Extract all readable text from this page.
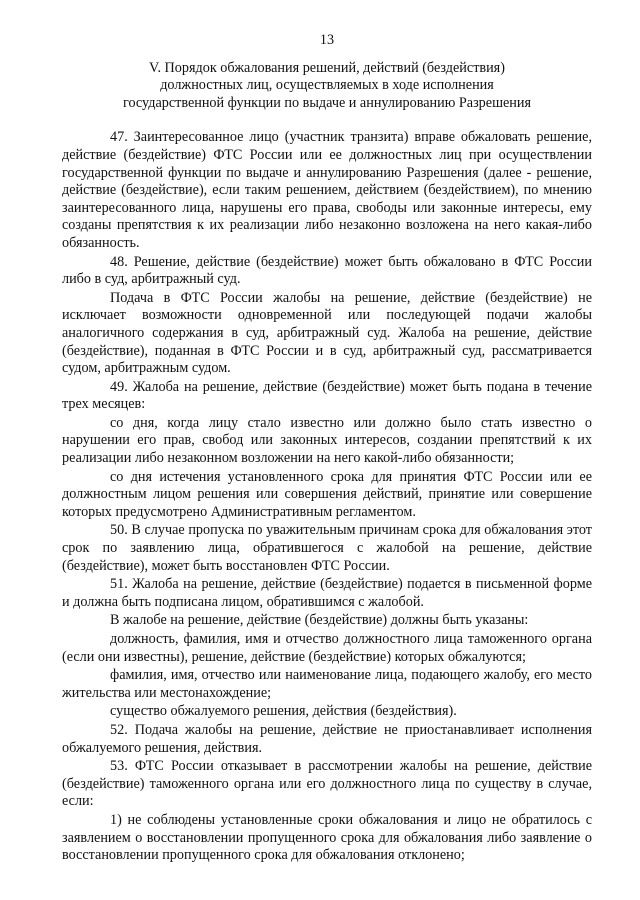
13
V. Порядок обжалования решений, действий (бездействия)
должностных лиц, осуществляемых в ходе исполнения
государственной функции по выдаче и аннулированию Разрешения

47. Заинтересованное лицо (участник транзита) вправе обжаловать решение, действие (бездействие) ФТС России или ее должностных лиц при осуществлении государственной функции по выдаче и аннулированию Разрешения (далее - решение, действие (бездействие), если таким решением, действием (бездействием), по мнению заинтересованного лица, нарушены его права, свободы или законные интересы, ему созданы препятствия к их реализации либо незаконно возложена на него какая-либо обязанность.

48. Решение, действие (бездействие) может быть обжаловано в ФТС России либо в суд, арбитражный суд.

Подача в ФТС России жалобы на решение, действие (бездействие) не исключает возможности одновременной или последующей подачи жалобы аналогичного содержания в суд, арбитражный суд. Жалоба на решение, действие (бездействие), поданная в ФТС России и в суд, арбитражный суд, рассматривается судом, арбитражным судом.

49. Жалоба на решение, действие (бездействие) может быть подана в течение трех месяцев:

со дня, когда лицу стало известно или должно было стать известно о нарушении его прав, свобод или законных интересов, создании препятствий к их реализации либо незаконном возложении на него какой-либо обязанности;

со дня истечения установленного срока для принятия ФТС России или ее должностным лицом решения или совершения действий, принятие или совершение которых предусмотрено Административным регламентом.

50. В случае пропуска по уважительным причинам срока для обжалования этот срок по заявлению лица, обратившегося с жалобой на решение, действие (бездействие), может быть восстановлен ФТС России.

51. Жалоба на решение, действие (бездействие) подается в письменной форме и должна быть подписана лицом, обратившимся с жалобой.

В жалобе на решение, действие (бездействие) должны быть указаны:

должность, фамилия, имя и отчество должностного лица таможенного органа (если они известны), решение, действие (бездействие) которых обжалуются;

фамилия, имя, отчество или наименование лица, подающего жалобу, его место жительства или местонахождение;

существо обжалуемого решения, действия (бездействия).

52. Подача жалобы на решение, действие не приостанавливает исполнения обжалуемого решения, действия.

53. ФТС России отказывает в рассмотрении жалобы на решение, действие (бездействие) таможенного органа или его должностного лица по существу в случае, если:

1) не соблюдены установленные сроки обжалования и лицо не обратилось с заявлением о восстановлении пропущенного срока для обжалования либо заявление о восстановлении пропущенного срока для обжалования отклонено;
